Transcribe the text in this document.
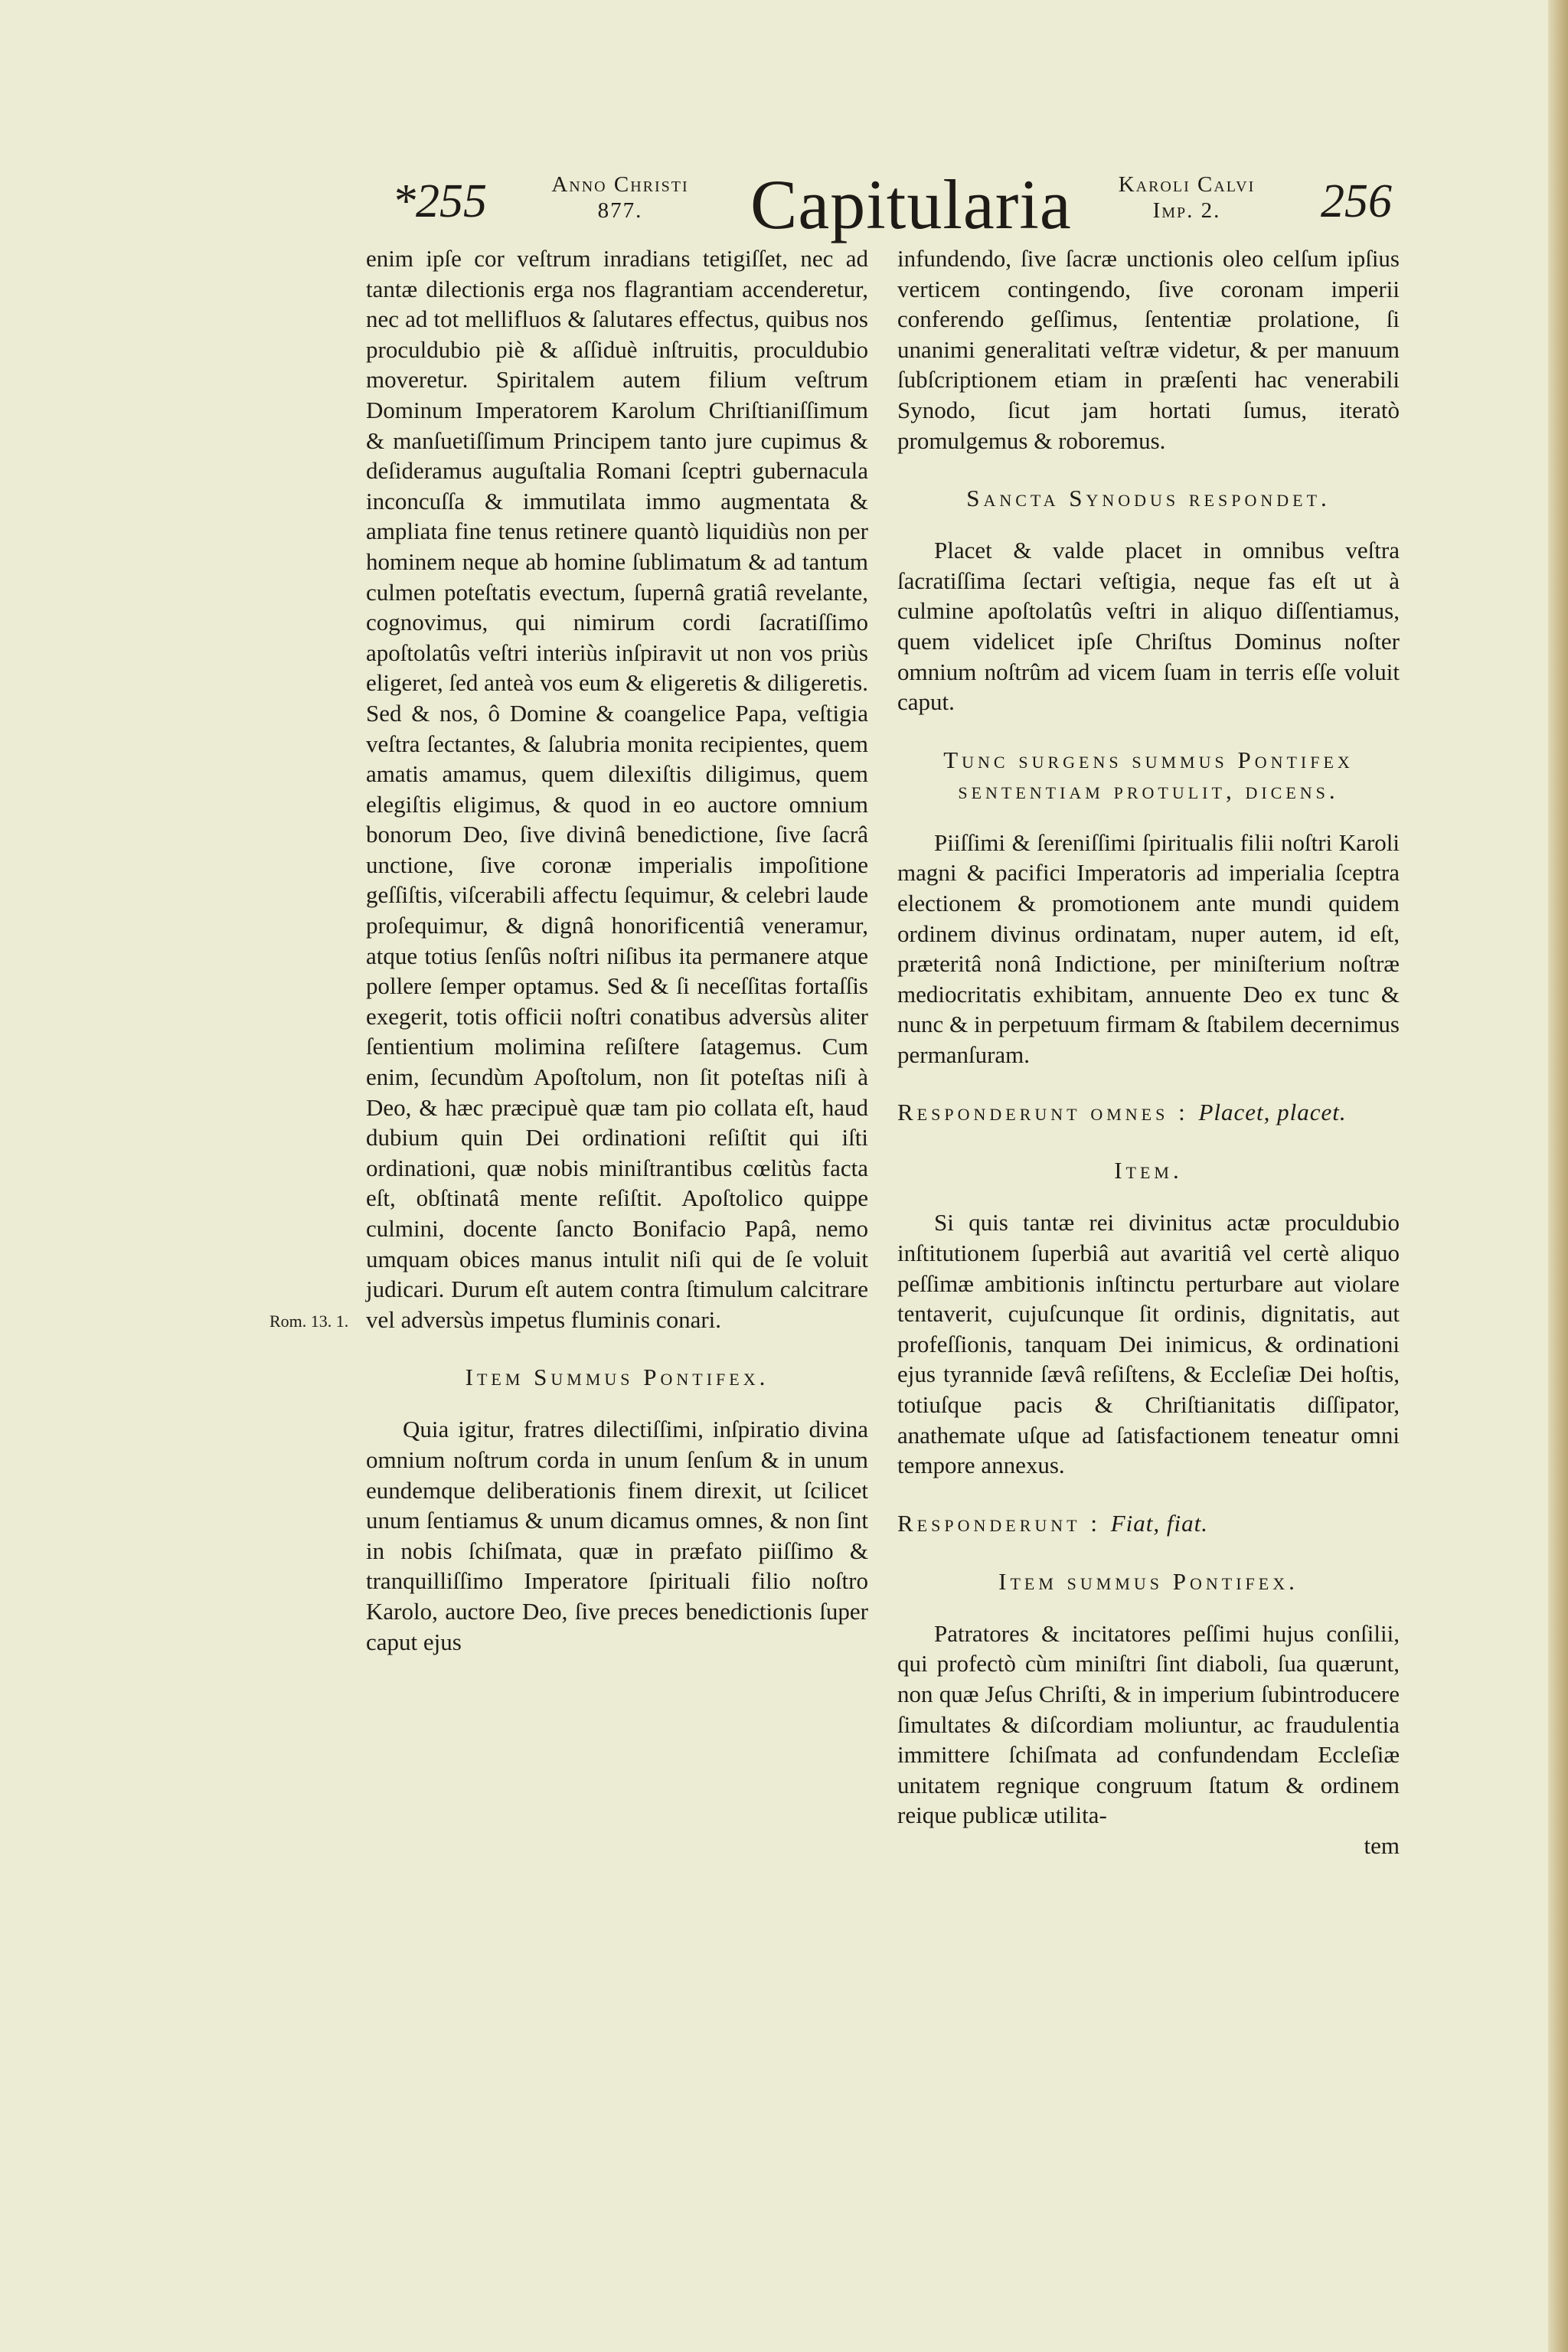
*255	Anno Christi
877.	Capitularia	Karoli Calvi
Imp. 2.	256
Rom. 13. 1.

enim ipſe cor veſtrum inradians tetigiſſet, nec ad tantæ dilectionis erga nos flagrantiam accenderetur, nec ad tot mellifluos & ſalutares effectus, quibus nos proculdubio piè & aſſiduè inſtruitis, proculdubio moveretur. Spiritalem autem filium veſtrum Dominum Imperatorem Karolum Chriſtianiſſimum & manſuetiſſimum Principem tanto jure cupimus & deſideramus auguſtalia Romani ſceptri gubernacula inconcuſſa & immutilata immo augmentata & ampliata fine tenus retinere quantò liquidiùs non per hominem neque ab homine ſublimatum & ad tantum culmen poteſtatis evectum, ſupernâ gratiâ revelante, cognovimus, qui nimirum cordi ſacratiſſimo apoſtolatûs veſtri interiùs inſpiravit ut non vos priùs eligeret, ſed anteà vos eum & eligeretis & diligeretis. Sed & nos, ô Domine & coangelice Papa, veſtigia veſtra ſectantes, & ſalubria monita recipientes, quem amatis amamus, quem dilexiſtis diligimus, quem elegiſtis eligimus, & quod in eo auctore omnium bonorum Deo, ſive divinâ benedictione, ſive ſacrâ unctione, ſive coronæ imperialis impoſitione geſſiſtis, viſcerabili affectu ſequimur, & celebri laude proſequimur, & dignâ honorificentiâ veneramur, atque totius ſenſûs noſtri niſibus ita permanere atque pollere ſemper optamus. Sed & ſi neceſſitas fortaſſis exegerit, totis officii noſtri conatibus adversùs aliter ſentientium molimina reſiſtere ſatagemus. Cum enim, ſecundùm Apoſtolum, non ſit poteſtas niſi à Deo, & hæc præcipuè quæ tam pio collata eſt, haud dubium quin Dei ordinationi reſiſtit qui iſti ordinationi, quæ nobis miniſtrantibus cœlitùs facta eſt, obſtinatâ mente reſiſtit. Apoſtolico quippe culmini, docente ſancto Bonifacio Papâ, nemo umquam obices manus intulit niſi qui de ſe voluit judicari. Durum eſt autem contra ſtimulum calcitrare vel adversùs impetus fluminis conari.

Item Summus Pontifex.

Quia igitur, fratres dilectiſſimi, inſpiratio divina omnium noſtrum corda in unum ſenſum & in unum eundemque deliberationis finem direxit, ut ſcilicet unum ſentiamus & unum dicamus omnes, & non ſint in nobis ſchiſmata, quæ in præfato piiſſimo & tranquilliſſimo Imperatore ſpirituali filio noſtro Karolo, auctore Deo, ſive preces benedictionis ſuper caput ejus

infundendo, ſive ſacræ unctionis oleo celſum ipſius verticem contingendo, ſive coronam imperii conferendo geſſimus, ſententiæ prolatione, ſi unanimi generalitati veſtræ videtur, & per manuum ſubſcriptionem etiam in præſenti hac venerabili Synodo, ſicut jam hortati ſumus, iteratò promulgemus & roboremus.

Sancta Synodus respondet.

Placet & valde placet in omnibus veſtra ſacratiſſima ſectari veſtigia, neque fas eſt ut à culmine apoſtolatûs veſtri in aliquo diſſentiamus, quem videlicet ipſe Chriſtus Dominus noſter omnium noſtrûm ad vicem ſuam in terris eſſe voluit caput.

Tunc surgens summus Pontifex
sententiam protulit, dicens.

Piiſſimi & ſereniſſimi ſpiritualis filii noſtri Karoli magni & pacifici Imperatoris ad imperialia ſceptra electionem & promotionem ante mundi quidem ordinem divinus ordinatam, nuper autem, id eſt, præteritâ nonâ Indictione, per miniſterium noſtræ mediocritatis exhibitam, annuente Deo ex tunc & nunc & in perpetuum firmam & ſtabilem decernimus permanſuram.

Responderunt omnes : Placet, placet.
Item.

Si quis tantæ rei divinitus actæ proculdubio inſtitutionem ſuperbiâ aut avaritiâ vel certè aliquo peſſimæ ambitionis inſtinctu perturbare aut violare tentaverit, cujuſcunque ſit ordinis, dignitatis, aut profeſſionis, tanquam Dei inimicus, & ordinationi ejus tyrannide ſævâ reſiſtens, & Eccleſiæ Dei hoſtis, totiuſque pacis & Chriſtianitatis diſſipator, anathemate uſque ad ſatisfactionem teneatur omni tempore annexus.

Responderunt : Fiat, fiat.
Item summus Pontifex.

Patratores & incitatores peſſimi hujus conſilii, qui profectò cùm miniſtri ſint diaboli, ſua quærunt, non quæ Jeſus Chriſti, & in imperium ſubintroducere ſimultates & diſcordiam moliuntur, ac fraudulentia immittere ſchiſmata ad confundendam Eccleſiæ unitatem regnique congruum ſtatum & ordinem reique publicæ utilita-

tem
